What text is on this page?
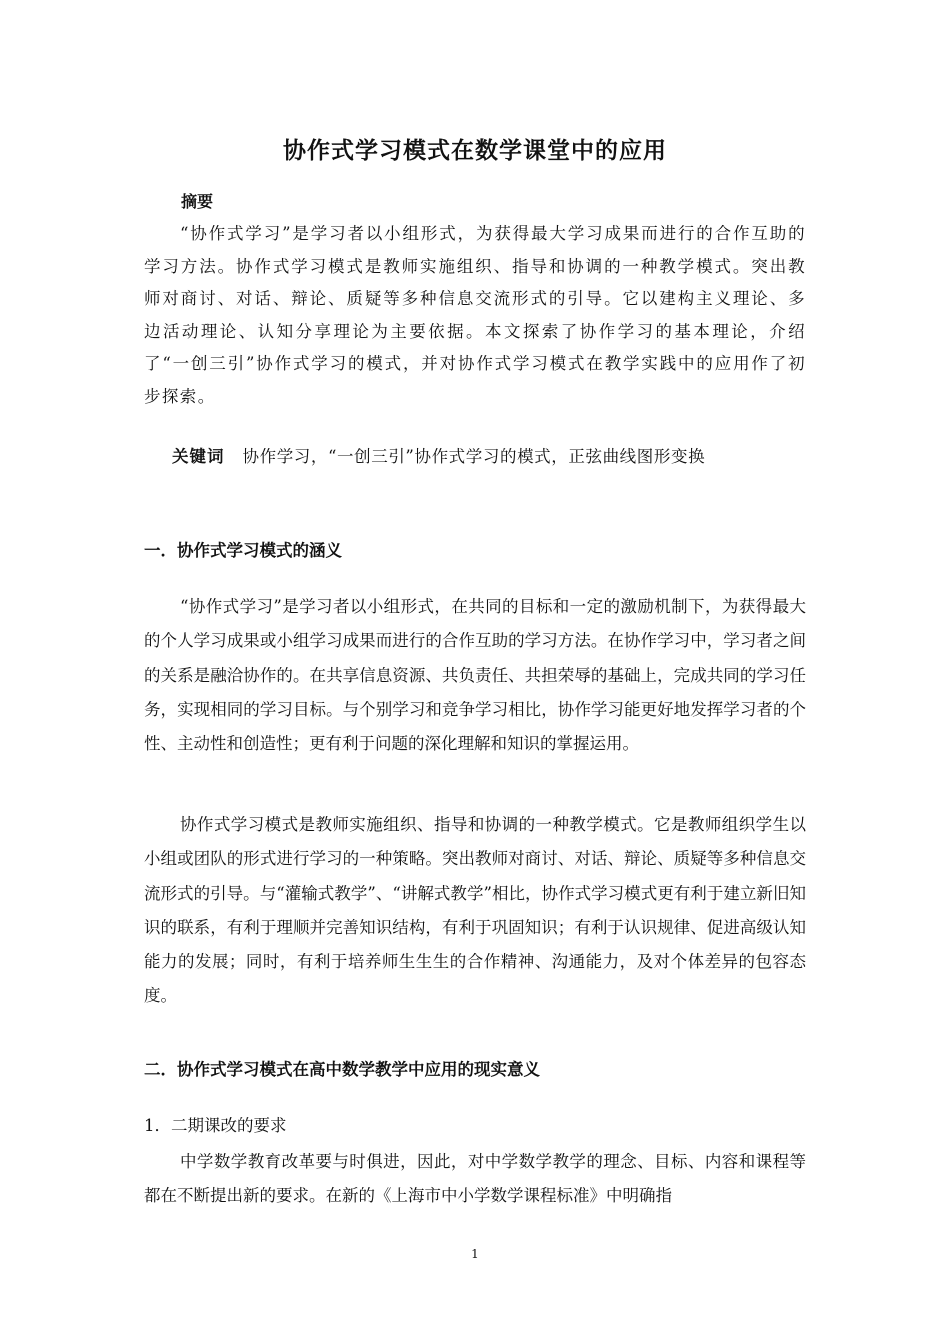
协作式学习模式在数学课堂中的应用
摘要

“协作式学习”是学习者以小组形式，为获得最大学习成果而进行的合作互助的学习方法。协作式学习模式是教师实施组织、指导和协调的一种教学模式。突出教师对商讨、对话、辩论、质疑等多种信息交流形式的引导。它以建构主义理论、多边活动理论、认知分享理论为主要依据。本文探索了协作学习的基本理论，介绍了“一创三引”协作式学习的模式，并对协作式学习模式在教学实践中的应用作了初步探索。

关键词 协作学习，“一创三引”协作式学习的模式，正弦曲线图形变换
一．协作式学习模式的涵义

“协作式学习”是学习者以小组形式，在共同的目标和一定的激励机制下，为获得最大的个人学习成果或小组学习成果而进行的合作互助的学习方法。在协作学习中，学习者之间的关系是融洽协作的。在共享信息资源、共负责任、共担荣辱的基础上，完成共同的学习任务，实现相同的学习目标。与个别学习和竞争学习相比，协作学习能更好地发挥学习者的个性、主动性和创造性；更有利于问题的深化理解和知识的掌握运用。

协作式学习模式是教师实施组织、指导和协调的一种教学模式。它是教师组织学生以小组或团队的形式进行学习的一种策略。突出教师对商讨、对话、辩论、质疑等多种信息交流形式的引导。与“灌输式教学”、“讲解式教学”相比，协作式学习模式更有利于建立新旧知识的联系，有利于理顺并完善知识结构，有利于巩固知识；有利于认识规律、促进高级认知能力的发展；同时，有利于培养师生生生的合作精神、沟通能力，及对个体差异的包容态度。

二．协作式学习模式在高中数学教学中应用的现实意义
1．二期课改的要求

中学数学教育改革要与时俱进，因此，对中学数学教学的理念、目标、内容和课程等都在不断提出新的要求。在新的《上海市中小学数学课程标准》中明确指

1
